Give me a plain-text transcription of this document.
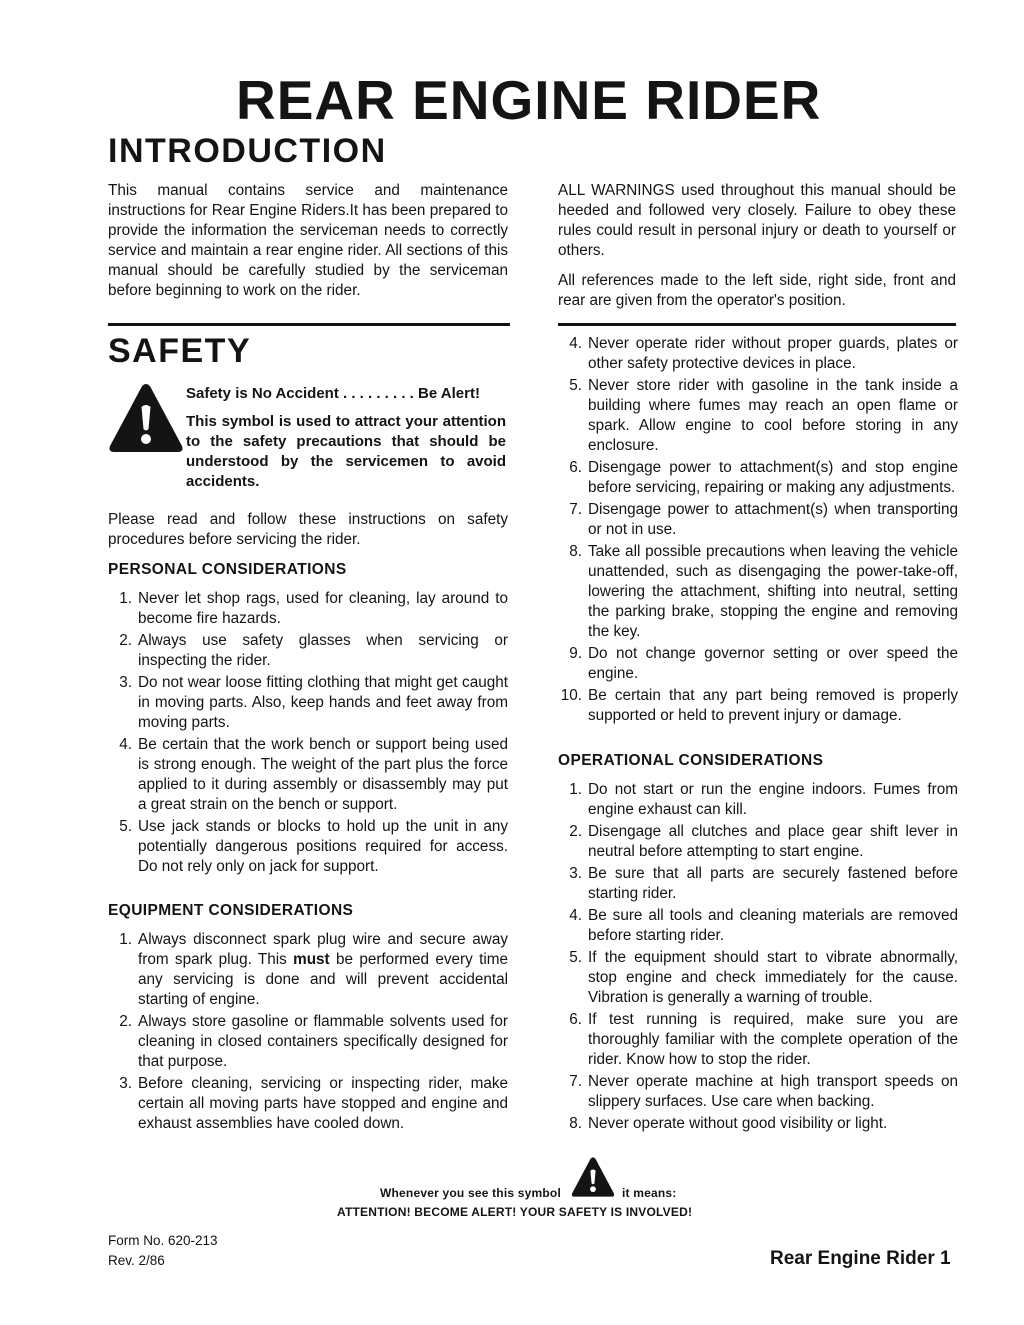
REAR ENGINE RIDER
INTRODUCTION
This manual contains service and maintenance instructions for Rear Engine Riders.It has been prepared to provide the information the serviceman needs to correctly service and maintain a rear engine rider. All sections of this manual should be carefully studied by the serviceman before beginning to work on the rider.
ALL WARNINGS used throughout this manual should be heeded and followed very closely. Failure to obey these rules could result in personal injury or death to yourself or others.
All references made to the left side, right side, front and rear are given from the operator's position.
SAFETY
Safety is No Accident . . . . . . . . . Be Alert!
This symbol is used to attract your attention to the safety precautions that should be understood by the servicemen to avoid accidents.
Please read and follow these instructions on safety procedures before servicing the rider.
PERSONAL CONSIDERATIONS
1. Never let shop rags, used for cleaning, lay around to become fire hazards.
2. Always use safety glasses when servicing or inspecting the rider.
3. Do not wear loose fitting clothing that might get caught in moving parts. Also, keep hands and feet away from moving parts.
4. Be certain that the work bench or support being used is strong enough. The weight of the part plus the force applied to it during assembly or disassembly may put a great strain on the bench or support.
5. Use jack stands or blocks to hold up the unit in any potentially dangerous positions required for access. Do not rely only on jack for support.
EQUIPMENT CONSIDERATIONS
1. Always disconnect spark plug wire and secure away from spark plug. This must be performed every time any servicing is done and will prevent accidental starting of engine.
2. Always store gasoline or flammable solvents used for cleaning in closed containers specifically designed for that purpose.
3. Before cleaning, servicing or inspecting rider, make certain all moving parts have stopped and engine and exhaust assemblies have cooled down.
4. Never operate rider without proper guards, plates or other safety protective devices in place.
5. Never store rider with gasoline in the tank inside a building where fumes may reach an open flame or spark. Allow engine to cool before storing in any enclosure.
6. Disengage power to attachment(s) and stop engine before servicing, repairing or making any adjustments.
7. Disengage power to attachment(s) when transporting or not in use.
8. Take all possible precautions when leaving the vehicle unattended, such as disengaging the power-take-off, lowering the attachment, shifting into neutral, setting the parking brake, stopping the engine and removing the key.
9. Do not change governor setting or over speed the engine.
10. Be certain that any part being removed is properly supported or held to prevent injury or damage.
OPERATIONAL CONSIDERATIONS
1. Do not start or run the engine indoors. Fumes from engine exhaust can kill.
2. Disengage all clutches and place gear shift lever in neutral before attempting to start engine.
3. Be sure that all parts are securely fastened before starting rider.
4. Be sure all tools and cleaning materials are removed before starting rider.
5. If the equipment should start to vibrate abnormally, stop engine and check immediately for the cause. Vibration is generally a warning of trouble.
6. If test running is required, make sure you are thoroughly familiar with the complete operation of the rider. Know how to stop the rider.
7. Never operate machine at high transport speeds on slippery surfaces. Use care when backing.
8. Never operate without good visibility or light.
Whenever you see this symbol	it means:
ATTENTION! BECOME ALERT! YOUR SAFETY IS INVOLVED!
Form No. 620-213
Rev. 2/86	Rear Engine Rider 1
